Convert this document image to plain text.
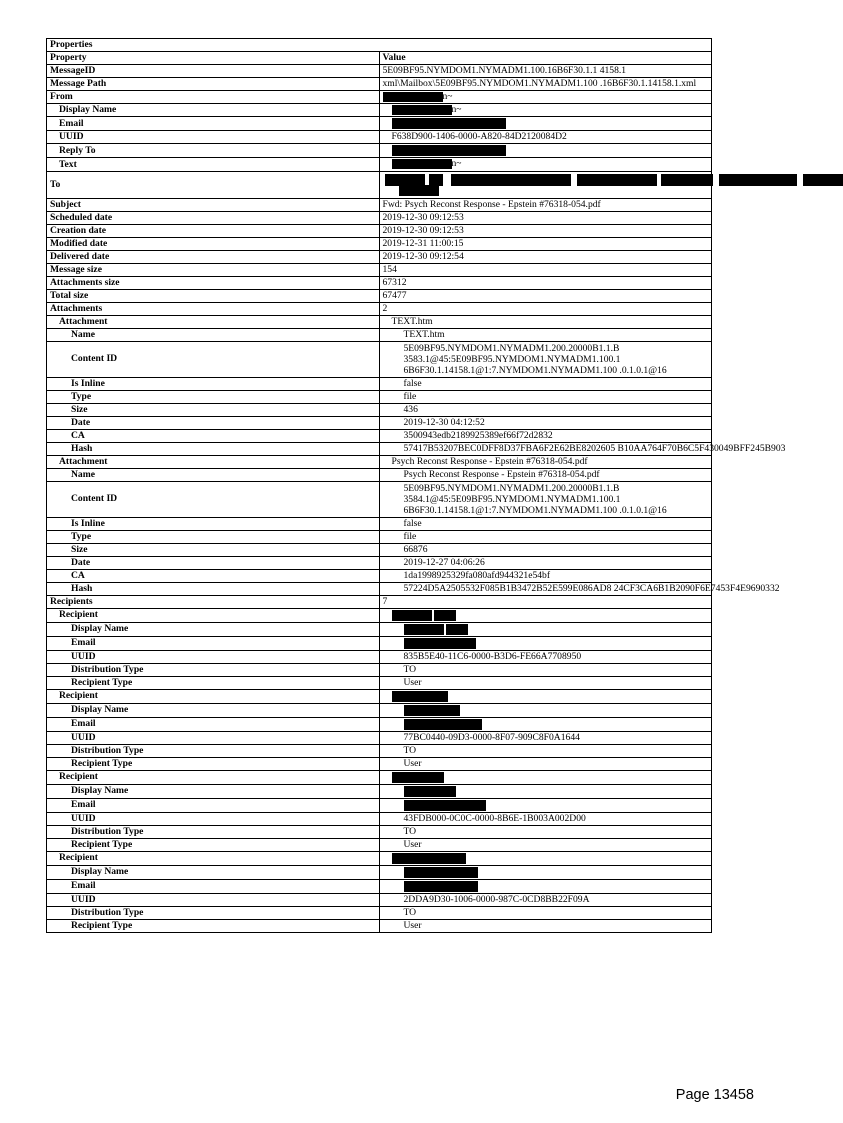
Properties	
Property	Value
MessageID	5E09BF95.NYMDOM1.NYMADM1.100.16B6F30.1.1 4158.1
Message Path	xml\Mailbox\5E09BF95.NYMDOM1.NYMADM1.100 .16B6F30.1.14158.1.xml
From	n~
Display Name	n~
Email	
UUID	F638D900-1406-0000-A820-84D2120084D2
Reply To	
Text	n~
To	

Subject	Fwd: Psych Reconst Response - Epstein #76318-054.pdf
Scheduled date	2019-12-30 09:12:53
Creation date	2019-12-30 09:12:53
Modified date	2019-12-31 11:00:15
Delivered date	2019-12-30 09:12:54
Message size	154
Attachments size	67312
Total size	67477
Attachments	2
Attachment	TEXT.htm
Name	TEXT.htm
Content ID	5E09BF95.NYMDOM1.NYMADM1.200.20000B1.1.B
3583.1@45:5E09BF95.NYMDOM1.NYMADM1.100.1
6B6F30.1.14158.1@1:7.NYMDOM1.NYMADM1.100 .0.1.0.1@16

Is Inline	false
Type	file
Size	436
Date	2019-12-30 04:12:52
CA	3500943edb2189925389ef66f72d2832
Hash	57417B53207BEC0DFF8D37FBA6F2E62BE8202605 B10AA764F70B6C5F430049BFF245B903
Attachment	Psych Reconst Response - Epstein #76318-054.pdf
Name	Psych Reconst Response - Epstein #76318-054.pdf
Content ID	5E09BF95.NYMDOM1.NYMADM1.200.20000B1.1.B
3584.1@45:5E09BF95.NYMDOM1.NYMADM1.100.1
6B6F30.1.14158.1@1:7.NYMDOM1.NYMADM1.100 .0.1.0.1@16

Is Inline	false
Type	file
Size	66876
Date	2019-12-27 04:06:26
CA	1da1998925329fa080afd944321e54bf
Hash	57224D5A2505532F085B1B3472B52E599E086AD8 24CF3CA6B1B2090F6E7453F4E9690332
Recipients	7
Recipient	
Display Name	
Email	
UUID	835B5E40-11C6-0000-B3D6-FE66A7708950
Distribution Type	TO
Recipient Type	User
Recipient	
Display Name	
Email	
UUID	77BC0440-09D3-0000-8F07-909C8F0A1644
Distribution Type	TO
Recipient Type	User
Recipient	
Display Name	
Email	
UUID	43FDB000-0C0C-0000-8B6E-1B003A002D00
Distribution Type	TO
Recipient Type	User
Recipient	
Display Name	
Email	
UUID	2DDA9D30-1006-0000-987C-0CD8BB22F09A
Distribution Type	TO
Recipient Type	User
Page 13458
